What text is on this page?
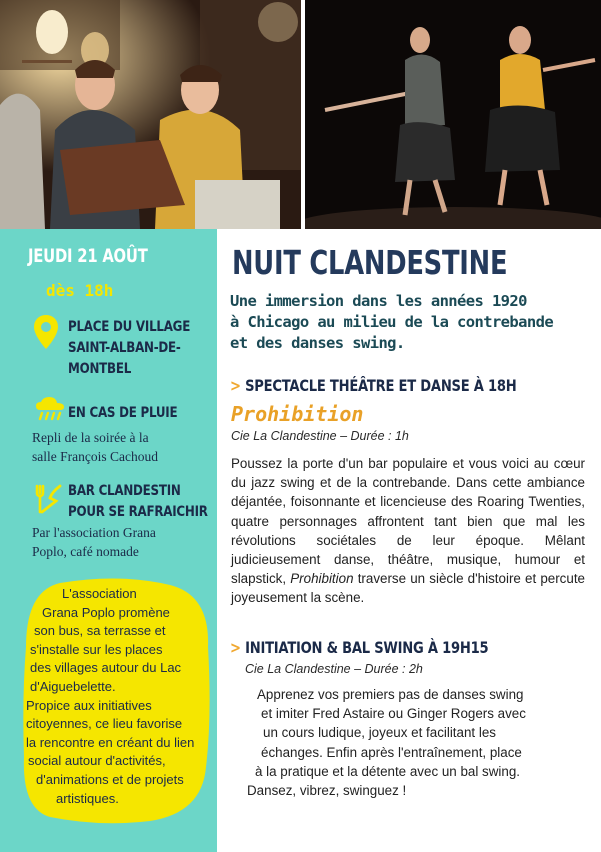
JEUDI 21 AOÛT

dès 18h

PLACE DU VILLAGE
SAINT-ALBAN-DE-
MONTBEL
EN CAS DE PLUIE
Repli de la soirée à la
salle François Cachoud
BAR CLANDESTIN
POUR SE RAFRAICHIR
Par l'association Grana
Poplo, café nomade
L'association
Grana Poplo promène
son bus, sa terrasse et
s'installe sur les places
des villages autour du Lac
d'Aiguebelette.
Propice aux initiatives
citoyennes, ce lieu favorise
la rencontre en créant du lien
social autour d'activités,
d'animations et de projets
artistiques.
NUIT CLANDESTINE
Une immersion dans les années 1920
à Chicago au milieu de la contrebande
et des danses swing.
> SPECTACLE THÉÂTRE ET DANSE À 18H
Prohibition
Cie La Clandestine – Durée : 1h

Poussez la porte d'un bar populaire et vous voici au cœur du jazz swing et de la contrebande. Dans cette ambiance déjantée, foisonnante et licencieuse des Roaring Twenties, quatre personnages affrontent tant bien que mal les révolutions sociétales de leur époque. Mêlant judicieusement danse, théâtre, musique, humour et slapstick, Prohibition traverse un siècle d'histoire et percute joyeusement la scène.

> INITIATION & BAL SWING À 19H15
Cie La Clandestine – Durée : 2h
Apprenez vos premiers pas de danses swing
et imiter Fred Astaire ou Ginger Rogers avec
un cours ludique, joyeux et facilitant les
échanges. Enfin après l'entraînement, place
à la pratique et la détente avec un bal swing.
Dansez, vibrez, swinguez !
